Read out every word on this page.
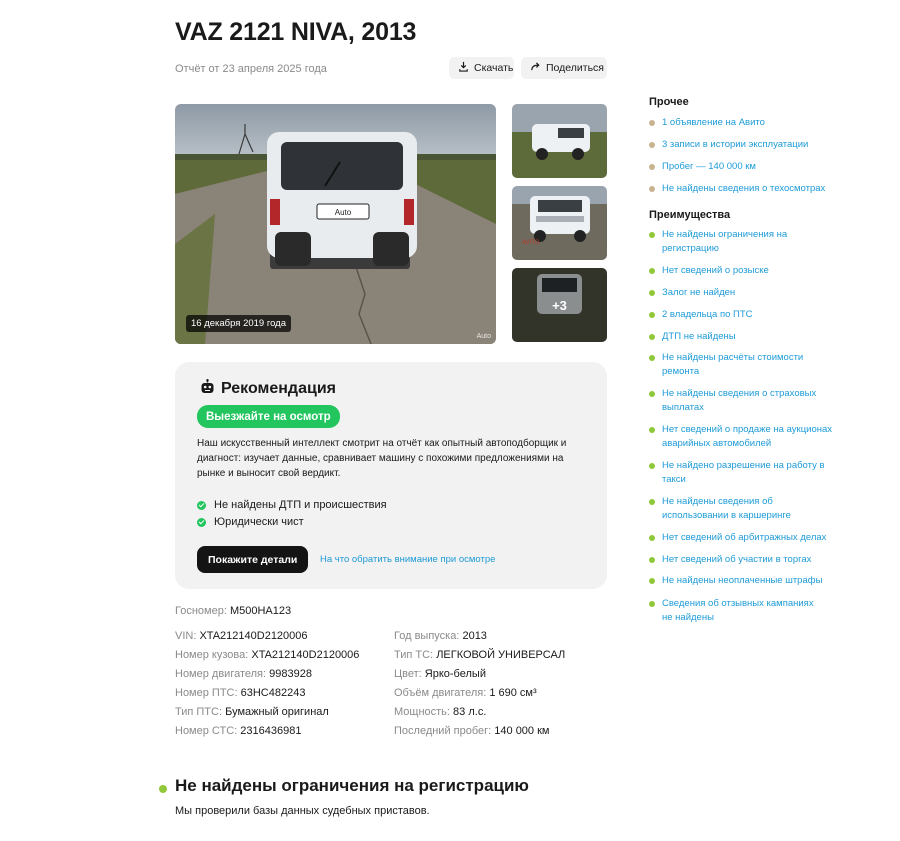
VAZ 2121 NIVA, 2013
Отчёт от 23 апреля 2025 года	Скачать	Поделиться
Auto
16 декабря 2019 года
Auto
AVITO
+3
Рекомендация
Выезжайте на осмотр
Наш искусственный интеллект смотрит на отчёт как опытный автоподборщик и диагност: изучает данные, сравнивает машину с похожими предложениями на рынке и выносит свой вердикт.
Не найдены ДТП и происшествия
Юридически чист
Покажите детали	На что обратить внимание при осмотре
Госномер: М500НА123
VIN: XTA212140D2120006
Номер кузова: XTA212140D2120006
Номер двигателя: 9983928
Номер ПТС: 63НС482243
Тип ПТС: Бумажный оригинал
Номер СТС: 2316436981
Год выпуска: 2013
Тип ТС: ЛЕГКОВОЙ УНИВЕРСАЛ
Цвет: Ярко-белый
Объём двигателя: 1 690 см³
Мощность: 83 л.с.
Последний пробег: 140 000 км
Не найдены ограничения на регистрацию
Мы проверили базы данных судебных приставов.
Прочее
1 объявление на Авито
3 записи в истории эксплуатации
Пробег — 140 000 км
Не найдены сведения о техосмотрах
Преимущества
Не найдены ограничения на регистрацию
Нет сведений о розыске
Залог не найден
2 владельца по ПТС
ДТП не найдены
Не найдены расчёты стоимости ремонта
Не найдены сведения о страховых выплатах
Нет сведений о продаже на аукционах аварийных автомобилей
Не найдено разрешение на работу в такси
Не найдены сведения об использовании в каршеринге
Нет сведений об арбитражных делах
Нет сведений об участии в торгах
Не найдены неоплаченные штрафы
Сведения об отзывных кампаниях не найдены
